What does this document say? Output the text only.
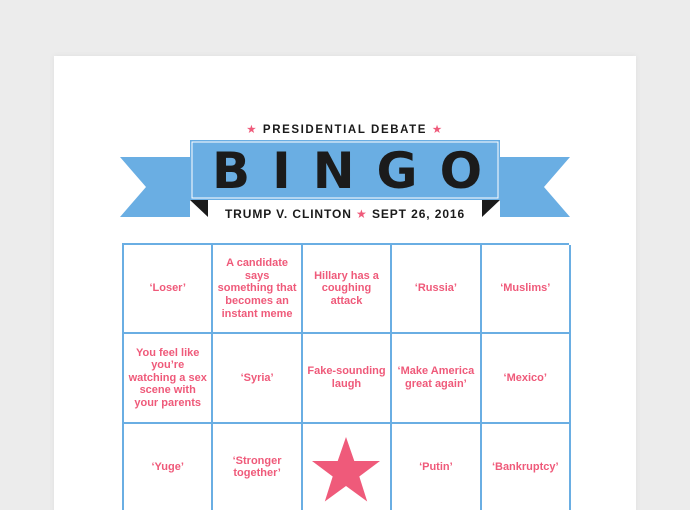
★ PRESIDENTIAL DEBATE ★
BINGO
TRUMP V. CLINTON ★ SEPT 26, 2016
‘Loser’
A candidate says something that becomes an instant meme
Hillary has a coughing attack
‘Russia’	‘Muslims’
You feel like you’re watching a sex scene with your parents
‘Syria’
Fake-sounding laugh
‘Make America great again’
‘Mexico’
‘Yuge’
‘Stronger together’
‘Putin’	‘Bankruptcy’
